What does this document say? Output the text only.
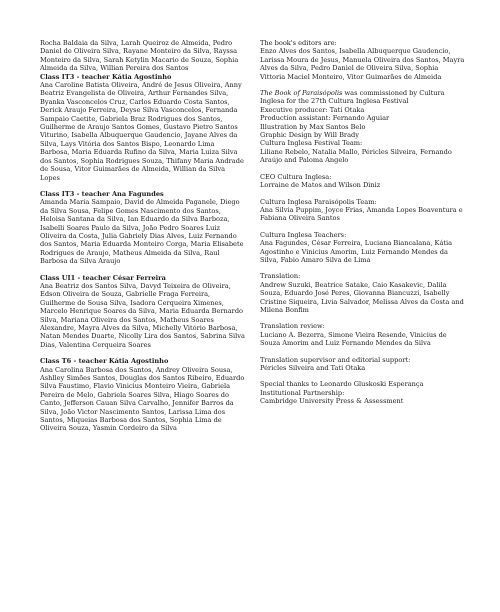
Rocha Baldaia da Silva, Larah Queiroz de Almeida, Pedro Daniel de Oliveira Silva, Rayane Monteiro da Silva, Rayssa Monteiro da Silva, Sarah Ketylin Macario de Souza, Sophia Almeida da Silva, Willian Pereira dos Santos

Class IT3 - teacher Kátia Agostinho

Ana Caroline Batista Oliveira, André de Jesus Oliveira, Anny Beatriz Evangelista de Oliveira, Arthur Fernandes Silva, Byanka Vasconcelos Cruz, Carlos Eduardo Costa Santos, Derick Araujo Ferreira, Deyse Silva Vasconcelos, Fernanda Sampaio Caetite, Gabriela Braz Rodrigues dos Santos, Guilherme de Araujo Santos Gomes, Gustavo Pietro Santos Viturino, Isabella Albuquerque Gaudencio, Jayane Alves da Silva, Lays Vitória dos Santos Bispo, Leonardo Lima Barbosa, Maria Eduarda Rufino da Silva, Maria Luiza Silva dos Santos, Sophia Rodrigues Souza, Thifany Maria Andrade de Sousa, Vitor Guimarães de Almeida, Willian da Silva Lopes

Class IT3 - teacher Ana Fagundes

Amanda Maria Sampaio, David de Almeida Paganele, Diego da Silva Sousa, Felipe Gomes Nascimento dos Santos, Heloisa Santana da Silva, Ian Eduardo da Silva Barboza, Isabelli Soares Paulo da Silva, João Pedro Soares Luiz Oliveira da Costa, Julia Gabriely Dias Alves, Luiz Fernando dos Santos, Maria Eduarda Monteiro Corga, Maria Elisabete Rodrigues de Araujo, Matheus Almeida da Silva, Raul Barbosa da Silva Araujo

Class UI1 - teacher César Ferreira

Ana Beatriz dos Santos Silva, Davyd Teixeira de Oliveira, Edson Oliveira de Souza, Gabrielle Fraga Ferreira, Guilherme de Sousa Silva, Isadora Cerqueira Ximenes, Marcelo Henrique Soares da Silva, Maria Eduarda Bernardo Silva, Mariana Oliveira dos Santos, Matheus Soares Alexandre, Mayra Alves da Silva, Michelly Vitório Barbosa, Natan Mendes Duarte, Nicolly Lira dos Santos, Sabrina Silva Dias, Valentina Cerqueira Soares

Class T6 - teacher Kátia Agostinho

Ana Carolina Barbosa dos Santos, Andrey Oliveira Sousa, Ashlley Simões Santos, Douglas dos Santos Ribeiro, Eduardo Silva Faustimo, Flavio Vinicius Monteiro Vieira, Gabriela Pereira de Melo, Gabriela Soares Silva, Hiago Soares do Canto, Jefferson Cauan Silva Carvalho, Jennifer Barros da Silva, João Victor Nascimento Santos, Larissa Lima dos Santos, Miqueias Barbosa dos Santos, Sophia Lima de Oliveira Souza, Yasmin Cordeiro da Silva

The book's editors are:

Enzo Alves dos Santos, Isabella Albuquerque Gaudencio, Larissa Moura de Jesus, Manuela Oliveira dos Santos, Mayra Alves da Silva, Pedro Daniel de Oliveira Silva, Sophia Vittoria Maciel Monteiro, Vitor Guimarães de Almeida

The Book of Paraisópolis was commissioned by Cultura Inglesa for the 27th Cultura Inglesa Festival

Executive producer: Tati Otaka
Production assistant: Fernando Aguiar
Illustration by Max Santos Belo
Graphic Design by Will Brady

Cultura Inglesa Festival Team:

Liliane Rebelo, Natalia Mallo, Péricles Silveira, Fernando Araújo and Paloma Angelo

CEO Cultura Inglesa:

Lorraine de Matos and Wilson Diniz

Cultura Inglesa Paraisópolis Team:

Ana Silvia Puppim, Joyce Frias, Amanda Lopes Boaventura e Fabiana Oliveira Santos

Cultura Inglesa Teachers:

Ana Fagundes, César Ferreira, Luciana Biancalana, Kátia Agostinho e Vinicius Amorim, Luiz Fernando Mendes da Silva, Fabio Amaro Silva de Lima

Translation:

Andrew Suzuki, Beatrice Satake, Caio Kasakevic, Dalila Souza, Eduardo José Peres, Giovanna Biancuzzi, Isabelly Cristine Siqueira, Livia Salvador, Melissa Alves da Costa and Milena Bonfim

Translation review:

Luciano A. Bezerra, Simone Vieira Resende, Vinicius de Souza Amorim and Luiz Fernando Mendes da Silva

Translation supervisor and editorial support:

Péricles Silveira and Tati Otaka

Special thanks to Leonardo Gluskoski Esperança

Institutional Partnership:

Cambridge University Press & Assessment
